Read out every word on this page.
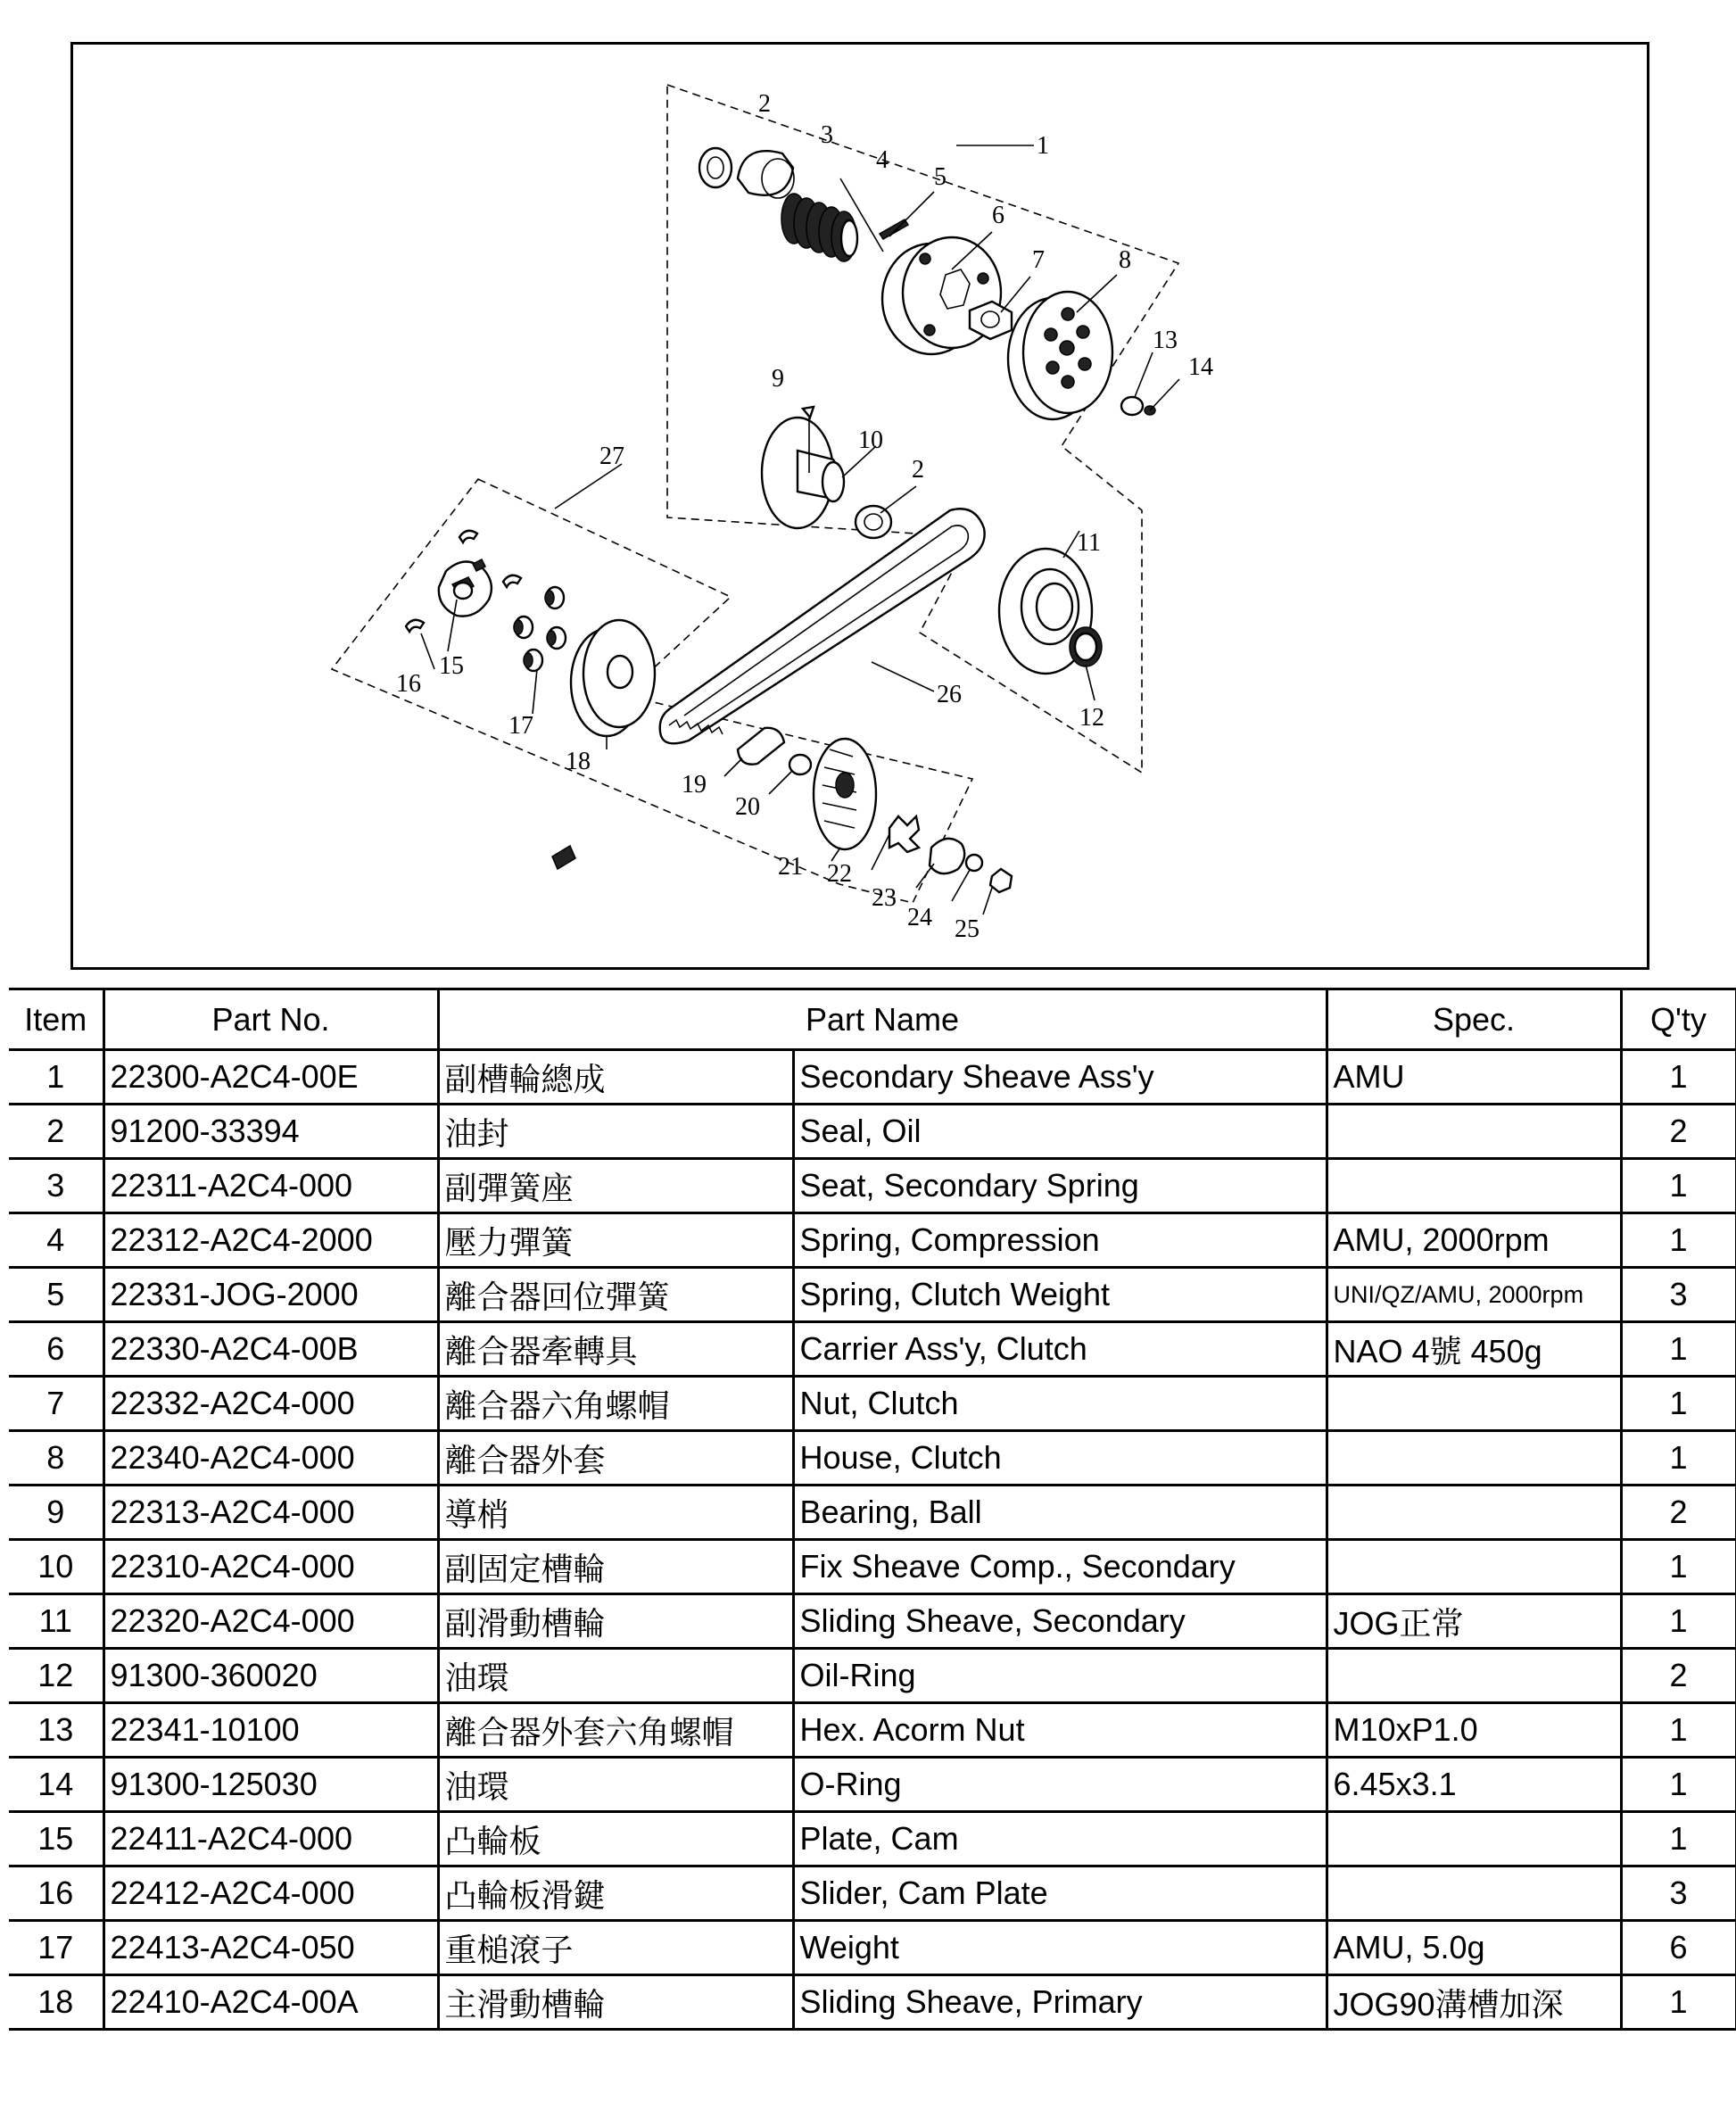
1
2
3
4
5
6
7	8
9
10
2
11
12
13
14
15
16
17
18
19
20
21 22
23
24 25
26
27
Item	Part No.	Part Name		Spec.	Q'ty
1	22300-A2C4-00E	副槽輪總成	Secondary Sheave Ass'y	AMU	1
2	91200-33394	油封	Seal, Oil		2
3	22311-A2C4-000	副彈簧座	Seat, Secondary Spring		1
4	22312-A2C4-2000	壓力彈簧	Spring, Compression	AMU, 2000rpm	1
5	22331-JOG-2000	離合器回位彈簧	Spring, Clutch Weight	UNI/QZ/AMU, 2000rpm	3
6	22330-A2C4-00B	離合器牽轉具	Carrier Ass'y, Clutch	NAO 4號 450g	1
7	22332-A2C4-000	離合器六角螺帽	Nut, Clutch		1
8	22340-A2C4-000	離合器外套	House, Clutch		1
9	22313-A2C4-000	導梢	Bearing, Ball		2
10	22310-A2C4-000	副固定槽輪	Fix Sheave Comp., Secondary		1
11	22320-A2C4-000	副滑動槽輪	Sliding Sheave, Secondary	JOG正常	1
12	91300-360020	油環	Oil-Ring		2
13	22341-10100	離合器外套六角螺帽	Hex. Acorm Nut	M10xP1.0	1
14	91300-125030	油環	O-Ring	6.45x3.1	1
15	22411-A2C4-000	凸輪板	Plate, Cam		1
16	22412-A2C4-000	凸輪板滑鍵	Slider, Cam Plate		3
17	22413-A2C4-050	重槌滾子	Weight	AMU, 5.0g	6
18	22410-A2C4-00A	主滑動槽輪	Sliding Sheave, Primary	JOG90溝槽加深	1
